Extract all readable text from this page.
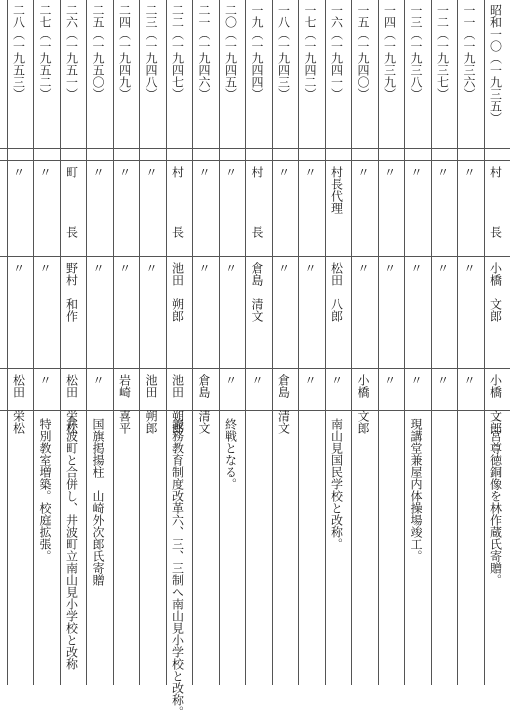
昭和一〇（一九三五）
村　　　　長
小橋　文郎
小橋　文郎
二宮尊徳銅像を林作蔵氏寄贈。
一一（一九三六）
〃
〃
〃
一二（一九三七）
〃
〃
〃
一三（一九三八）
〃
〃
〃
現講堂兼屋内体操場竣工。
一四（一九三九）
〃
〃
〃
一五（一九四〇）
〃
〃
小橋　文郎
一六（一九四一）
村長代理
松田　八郎
〃
南山見国民学校と改称。
一七（一九四二）
〃
〃
〃
一八（一九四三）
〃
〃
倉島　清文
一九（一九四四）
村　　　　長
倉島　清文
〃
二〇（一九四五）
〃
〃
〃
終戦となる。
二一（一九四六）
〃
〃
倉島　清文
二二（一九四七）
村　　　　長
池田　朔郎
池田　朔郎
義務教育制度改革六、三、三制へ南山見小学校と改称。
二三（一九四八）
〃
〃
池田　朔郎
二四（一九四九）
〃
〃
岩崎　喜平
二五（一九五〇）
〃
〃
〃
国旗掲揚柱　山崎外次郎氏寄贈
二六（一九五一）
町　　　　長
野村　和作
松田　栄松
井波町と合併し、井波町立南山見小学校と改称
二七（一九五二）
〃
〃
〃
特別教室増築。校庭拡張。
二八（一九五三）
〃
〃
松田　栄松
